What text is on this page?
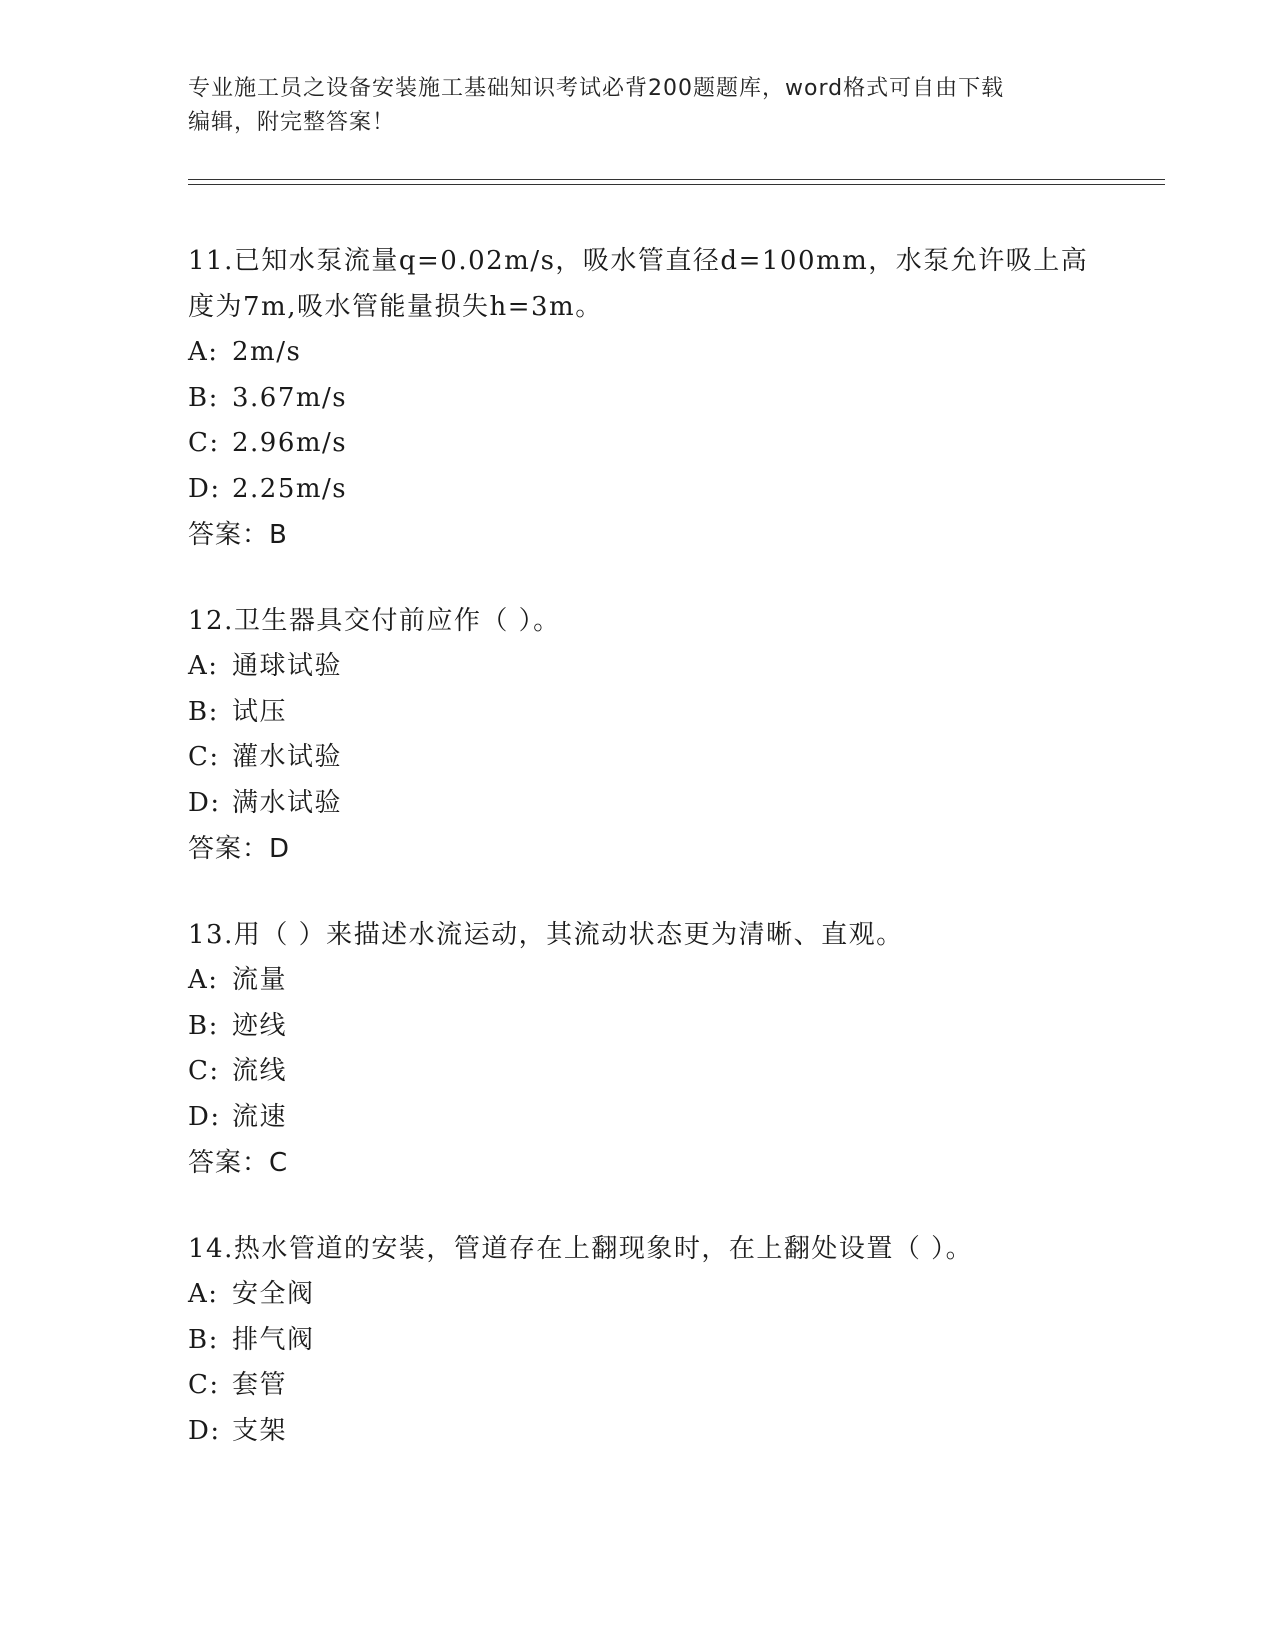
专业施工员之设备安装施工基础知识考试必背200题题库，word格式可自由下载
编辑，附完整答案！
11.已知水泵流量q=0.02m/s，吸水管直径d=100mm，水泵允许吸上高
度为7m,吸水管能量损失h=3m。
A: 2m/s
B: 3.67m/s
C: 2.96m/s
D: 2.25m/s
答案：B
12.卫生器具交付前应作（ ）。
A: 通球试验
B: 试压
C: 灌水试验
D: 满水试验
答案：D
13.用（ ）来描述水流运动，其流动状态更为清晰、直观。
A: 流量
B: 迹线
C: 流线
D: 流速
答案：C
14.热水管道的安装，管道存在上翻现象时，在上翻处设置（ ）。
A: 安全阀
B: 排气阀
C: 套管
D: 支架
